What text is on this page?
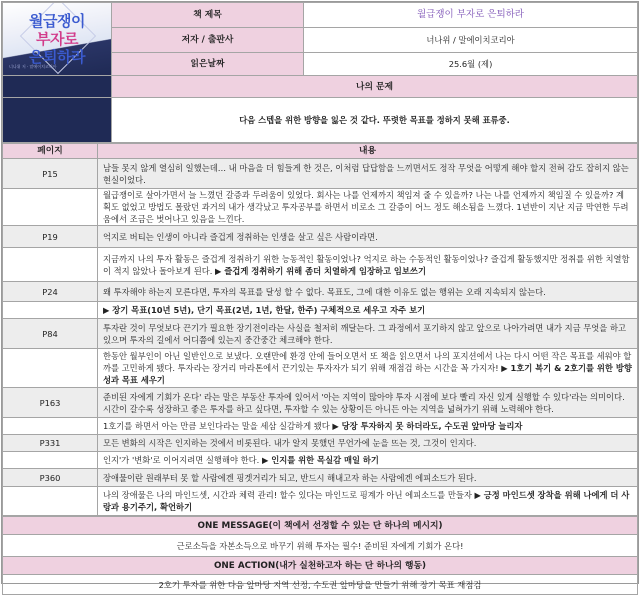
월급쟁이
부자로
은퇴하라
너나위 저 · 말에이치코리아	책 제목	월급쟁이 부자로 은퇴하라
	저자 / 출판사	너나위 / 말에이치코리아
	읽은날짜	25.6월 (제)
	나의 문제	
	다음 스텝을 위한 방향을 잃은 것 같다. 뚜렷한 목표를 정하지 못해 표류중.	
페이지	내용
P15	남들 못지 않게 열심히 일했는데… 내 마음을 더 힘들게 한 것은, 이처럼 답답함을 느끼면서도 정작 무엇을 어떻게 해야 할지 전혀 감도 잡히지 않는 현실이었다.
	월급쟁이로 살아가면서 늘 느꼈던 갈증과 두려움이 있었다. 회사는 나를 언제까지 책임져 줄 수 있을까? 나는 나를 언제까지 책임질 수 있을까? 계획도 없었고 방법도 몰랐던 과거의 내가 생각났고 투자공부를 하면서 비로소 그 갈증이 어느 정도 해소됨을 느꼈다. 1년반이 지난 지금 막연한 두려움에서 조금은 벗어나고 있음을 느낀다.
P19	억지로 버티는 인생이 아니라 즐겁게 정취하는 인생을 살고 싶은 사람이라면.
	지금까지 나의 투자 활동은 즐겁게 정취하기 위한 능동적인 활동이었나? 억지로 하는 수동적인 활동이었나? 즐겁게 활동했지만 정취를 위한 치열함이 적지 않았나 돌아보게 된다. ▶ 즐겁게 정취하기 위해 좀더 치열하게 임장하고 임보쓰기
P24	왜 투자해야 하는지 모른다면, 투자의 목표를 달성 할 수 없다. 목표도, 그에 대한 이유도 없는 행위는 오래 지속되지 않는다.
	▶ 장기 목표(10년 5년), 단기 목표(2년, 1년, 한달, 한주) 구체적으로 세우고 자주 보기
P84	투자란 것이 무엇보다 끈기가 필요한 장기전이라는 사실을 철저히 깨달는다. 그 과정에서 포기하지 않고 앞으로 나아가려면 내가 지금 무엇을 하고 있으며 투자의 길에서 어디쯤에 있는지 중간중간 체크해야 한다.
	한동안 월부인이 아닌 일반인으로 보냈다. 오랜만에 환경 안에 들어오면서 또 책을 읽으면서 나의 포지션에서 나는 다시 어떤 작은 목표를 세워야 할까를 고민하게 됐다. 투자라는 장거리 마라톤에서 끈기있는 투자자가 되기 위해 재점검 하는 시간을 꼭 가지자! ▶ 1호기 복기 & 2호기를 위한 방향성과 목표 세우기
P163	준비된 자에게 기회가 온다' 라는 말은 부동산 투자에 있어서 '아는 지역이 많아야 투자 시점에 보다 빨리 자신 있게 실행할 수 있다'라는 의미이다. 시간이 갈수록 성장하고 좋은 투자를 하고 싶다면, 투자할 수 있는 상황이든 아니든 아는 지역을 넓혀가기 위해 노력해야 한다.
	1호기를 하면서 아는 만큼 보인다라는 말을 세삼 실감하게 됐다 ▶ 당장 투자하지 못 하더라도, 수도권 앞마당 늘리자
P331	모든 변화의 시작은 인지하는 것에서 비롯된다. 내가 알지 못했던 무언가에 눈을 뜨는 것, 그것이 인지다.
	인지'가 '변화'로 이어지려면 실행해야 한다. ▶ 인지를 위한 목실감 매일 하기
P360	장애물이란 원래부터 못 할 사람에겐 핑겟거리가 되고, 반드시 해내고자 하는 사람에겐 에피소드가 된다.
	나의 장애물은 나의 마인드셋, 시간과 체력 관리! 할수 있다는 마인드로 핑계가 아닌 에피소드를 만들자 ▶ 긍정 마인드셋 장착을 위해 나에게 더 사랑과 용기주기, 확언하기
ONE MESSAGE(이 책에서 선정할 수 있는 단 하나의 메시지)
근로소득을 자본소득으로 바꾸기 위해 투자는 필수! 준비된 자에게 기회가 온다!
ONE ACTION(내가 실천하고자 하는 단 하나의 행동)
2호기 투자를 위한 다음 앞마당 지역 선정, 수도권 앞마당을 만들기 위해 장기 목표 재점검
